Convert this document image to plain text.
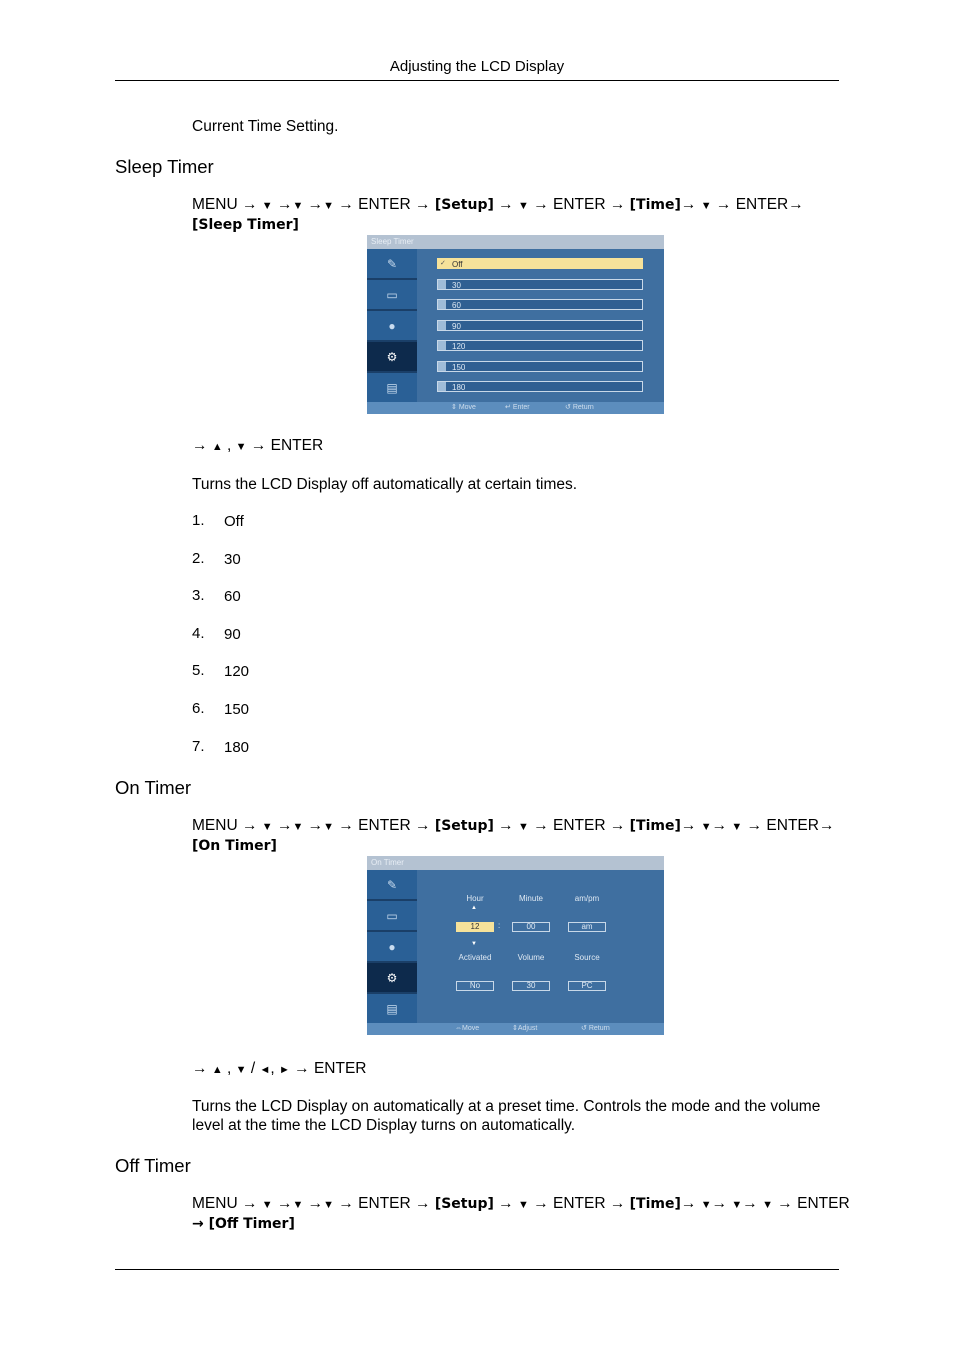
Adjusting the LCD Display
Current Time Setting.
Sleep Timer
MENU → ▼ →▼ →▼ → ENTER → [Setup] → ▼ → ENTER → [Time]→ ▼ → ENTER→
[Sleep Timer]
Sleep Timer
✎
▭
●
⚙
▤
✓ Off
30
60
90
120
150
180
⇕ Move	↵ Enter	↺ Return
→ ▲ , ▼ → ENTER
Turns the LCD Display off automatically at certain times.
1. Off
2. 30
3. 60
4. 90
5. 120
6. 150
7. 180
On Timer
MENU → ▼ →▼ →▼ → ENTER → [Setup] → ▼ → ENTER → [Time]→ ▼→ ▼ → ENTER→
[On Timer]
On Timer
✎
▭
●
⚙
▤
Hour	Minute	am/pm
▲
12	:	00	am
▼
Activated	Volume	Source
No	30	PC
⇔Move	⇕Adjust	↺ Return
→ ▲ , ▼ / ◄, ► → ENTER
Turns the LCD Display on automatically at a preset time. Controls the mode and the volume level at the time the LCD Display turns on automatically.
Off Timer
MENU → ▼ →▼ →▼ → ENTER → [Setup] → ▼ → ENTER → [Time]→ ▼→ ▼→ ▼ → ENTER
→ [Off Timer]
